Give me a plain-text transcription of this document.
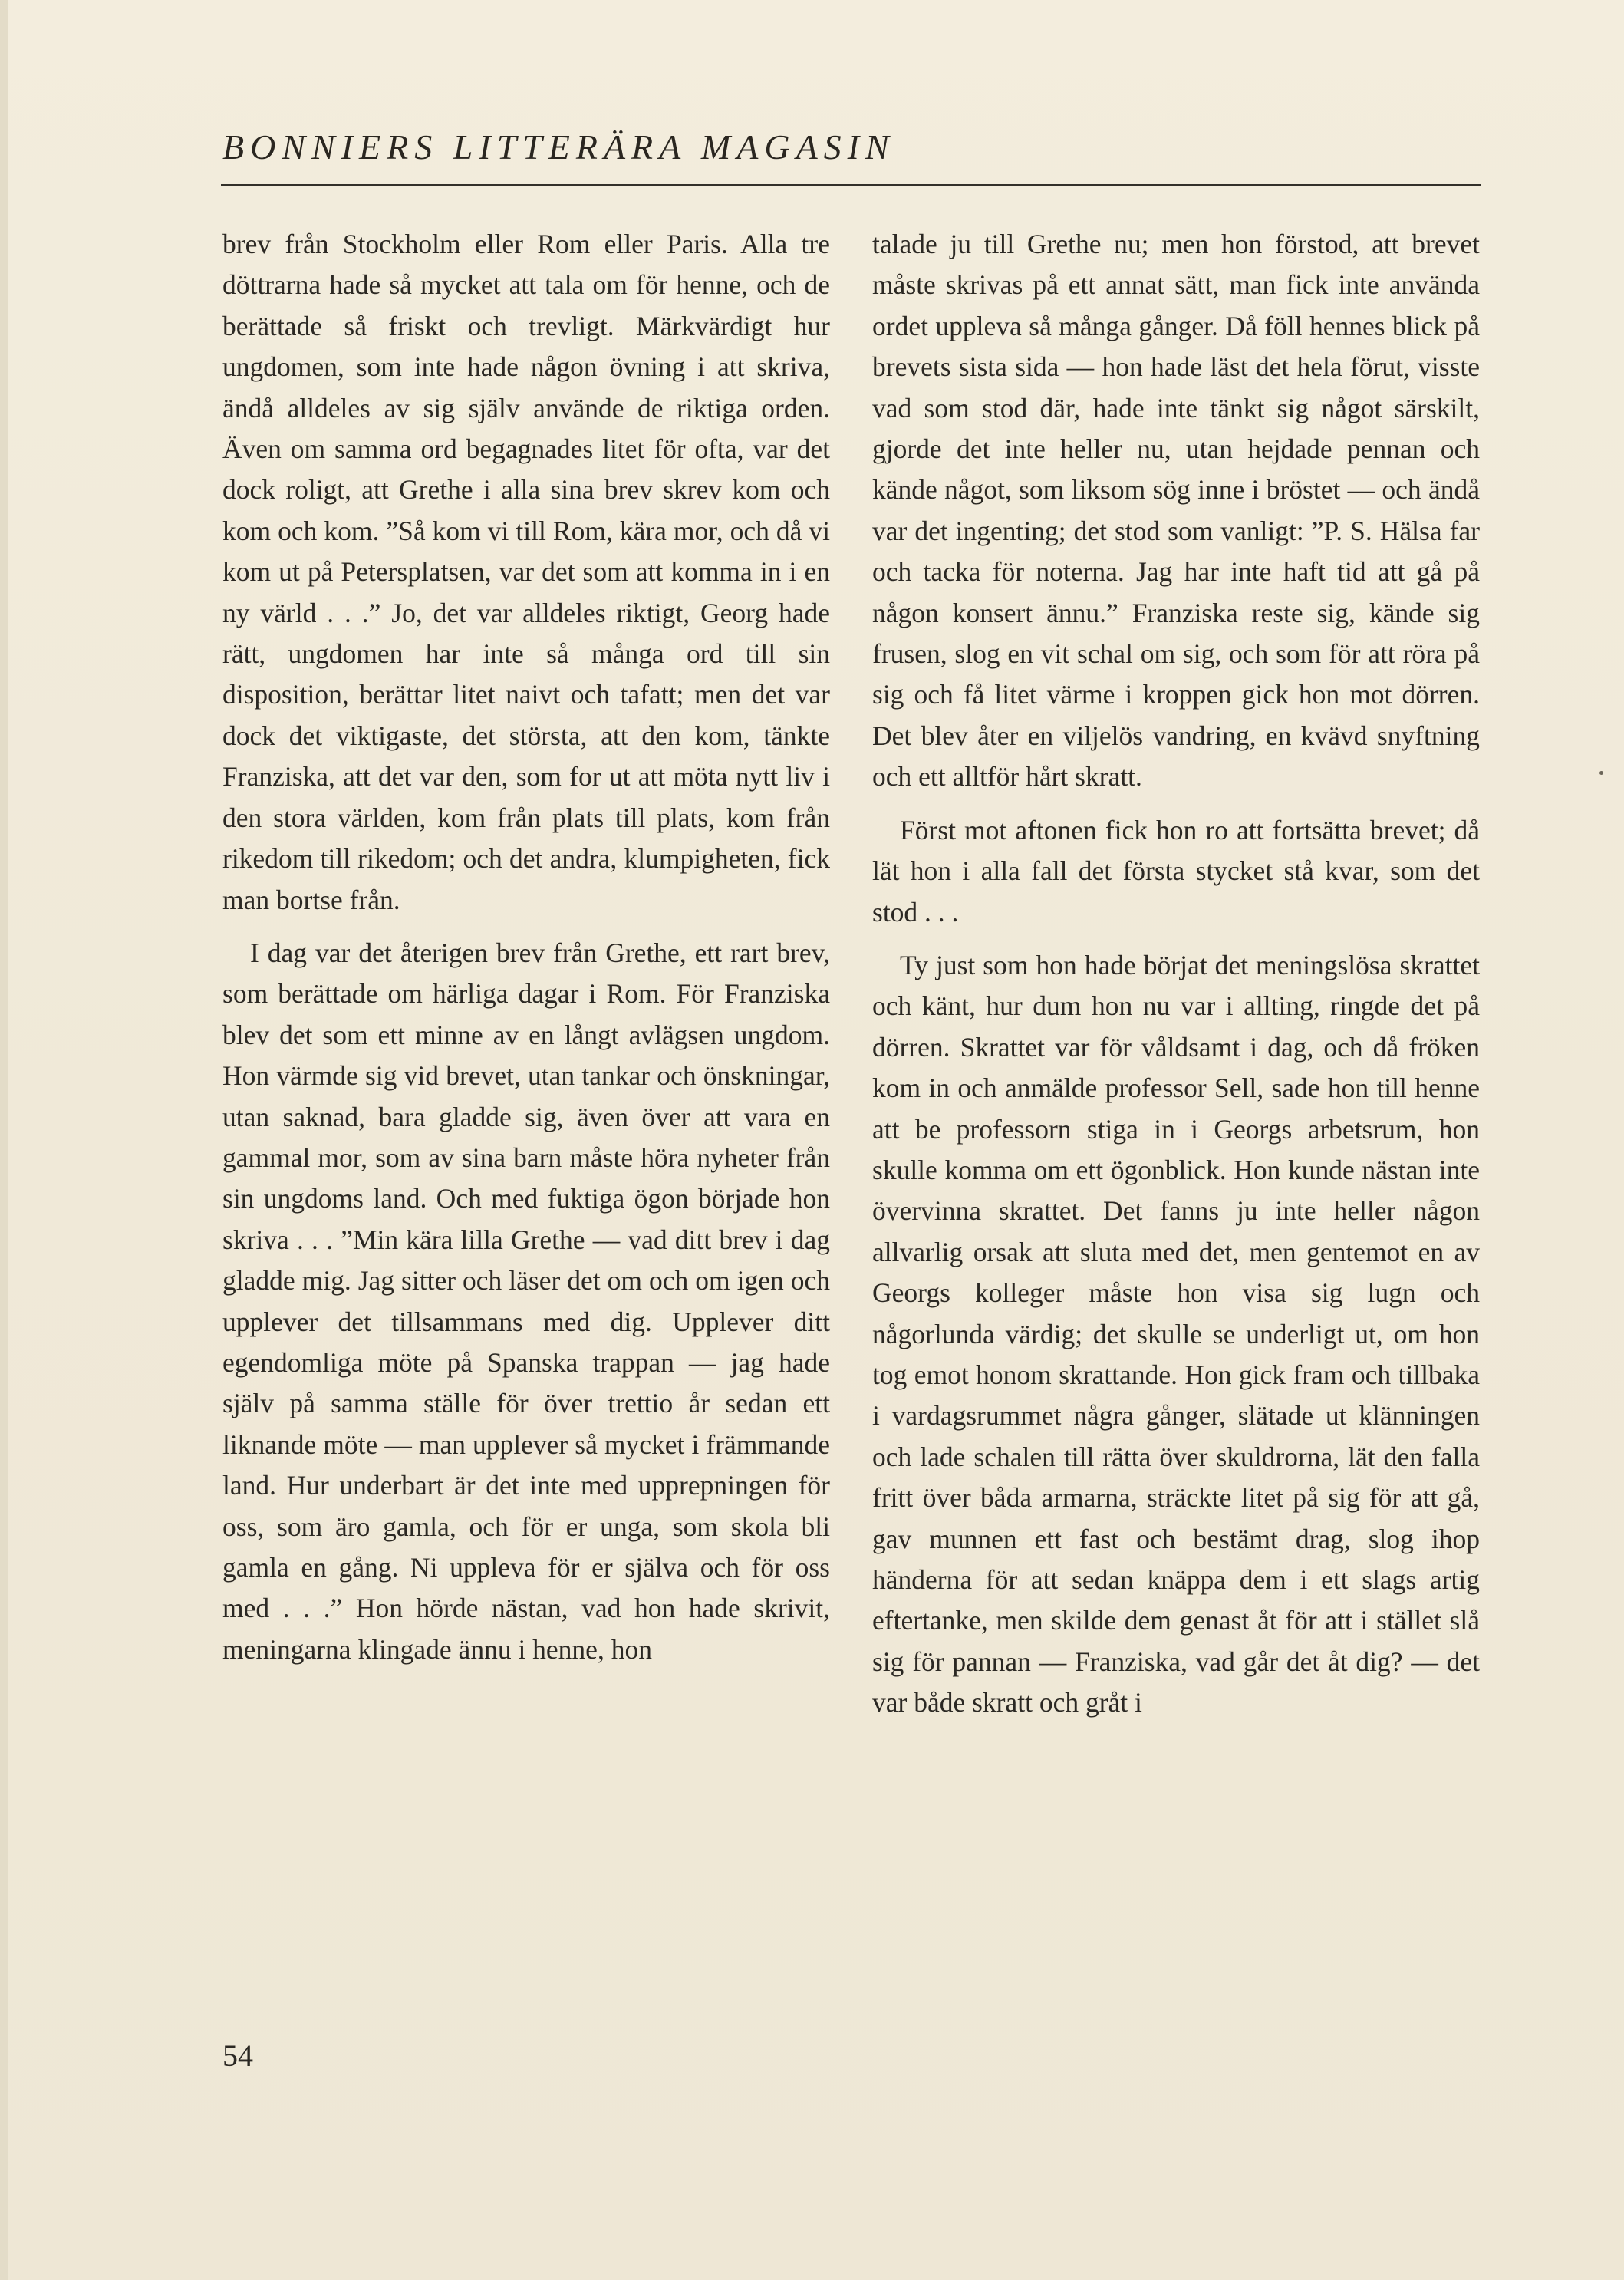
BONNIERS LITTERÄRA MAGASIN

brev från Stockholm eller Rom eller Paris. Alla tre döttrarna hade så mycket att tala om för henne, och de berättade så friskt och trevligt. Märkvärdigt hur ungdomen, som inte hade någon övning i att skriva, ändå alldeles av sig själv använde de riktiga orden. Även om samma ord begagnades litet för ofta, var det dock roligt, att Grethe i alla sina brev skrev kom och kom och kom. ”Så kom vi till Rom, kära mor, och då vi kom ut på Petersplatsen, var det som att komma in i en ny värld . . .” Jo, det var alldeles riktigt, Georg hade rätt, ungdomen har inte så många ord till sin disposition, berättar litet naivt och tafatt; men det var dock det viktigaste, det största, att den kom, tänkte Franziska, att det var den, som for ut att möta nytt liv i den stora världen, kom från plats till plats, kom från rikedom till rikedom; och det andra, klumpigheten, fick man bortse från.

I dag var det återigen brev från Grethe, ett rart brev, som berättade om härliga dagar i Rom. För Franziska blev det som ett minne av en långt avlägsen ungdom. Hon värmde sig vid brevet, utan tankar och önskningar, utan saknad, bara gladde sig, även över att vara en gammal mor, som av sina barn måste höra nyheter från sin ungdoms land. Och med fuktiga ögon började hon skriva . . . ”Min kära lilla Grethe — vad ditt brev i dag gladde mig. Jag sitter och läser det om och om igen och upplever det tillsammans med dig. Upplever ditt egendomliga möte på Spanska trappan — jag hade själv på samma ställe för över trettio år sedan ett liknande möte — man upplever så mycket i främmande land. Hur underbart är det inte med upprepningen för oss, som äro gamla, och för er unga, som skola bli gamla en gång. Ni uppleva för er själva och för oss med . . .” Hon hörde nästan, vad hon hade skrivit, meningarna klingade ännu i henne, hon

talade ju till Grethe nu; men hon förstod, att brevet måste skrivas på ett annat sätt, man fick inte använda ordet uppleva så många gånger. Då föll hennes blick på brevets sista sida — hon hade läst det hela förut, visste vad som stod där, hade inte tänkt sig något särskilt, gjorde det inte heller nu, utan hejdade pennan och kände något, som liksom sög inne i bröstet — och ändå var det ingenting; det stod som vanligt: ”P. S. Hälsa far och tacka för noterna. Jag har inte haft tid att gå på någon konsert ännu.” Franziska reste sig, kände sig frusen, slog en vit schal om sig, och som för att röra på sig och få litet värme i kroppen gick hon mot dörren. Det blev åter en viljelös vandring, en kvävd snyftning och ett alltför hårt skratt.

Först mot aftonen fick hon ro att fortsätta brevet; då lät hon i alla fall det första stycket stå kvar, som det stod . . .

Ty just som hon hade börjat det meningslösa skrattet och känt, hur dum hon nu var i allting, ringde det på dörren. Skrattet var för våldsamt i dag, och då fröken kom in och anmälde professor Sell, sade hon till henne att be professorn stiga in i Georgs arbetsrum, hon skulle komma om ett ögonblick. Hon kunde nästan inte övervinna skrattet. Det fanns ju inte heller någon allvarlig orsak att sluta med det, men gentemot en av Georgs kolleger måste hon visa sig lugn och någorlunda värdig; det skulle se underligt ut, om hon tog emot honom skrattande. Hon gick fram och tillbaka i vardagsrummet några gånger, slätade ut klänningen och lade schalen till rätta över skuldrorna, lät den falla fritt över båda armarna, sträckte litet på sig för att gå, gav munnen ett fast och bestämt drag, slog ihop händerna för att sedan knäppa dem i ett slags artig eftertanke, men skilde dem genast åt för att i stället slå sig för pannan — Franziska, vad går det åt dig? — det var både skratt och gråt i

54
